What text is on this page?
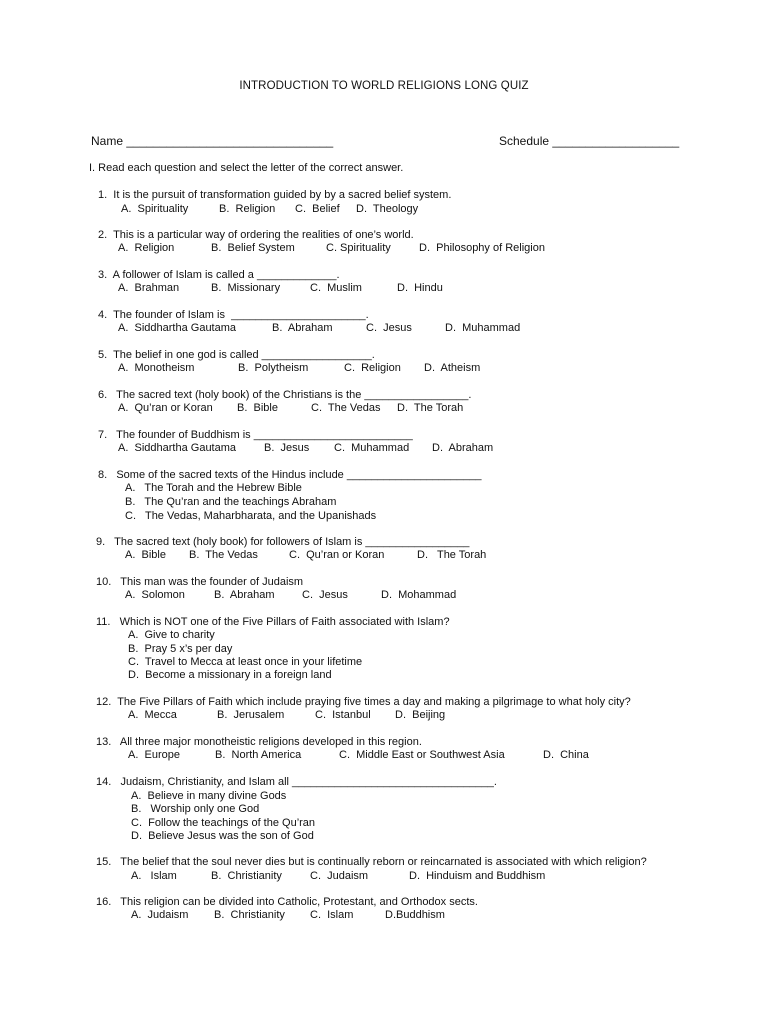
INTRODUCTION TO WORLD RELIGIONS LONG QUIZ
Name _______________________________	Schedule ___________________
I. Read each question and select the letter of the correct answer.
1.  It is the pursuit of transformation guided by by a sacred belief system.

A.  Spirituality

	B.  Religion

C.  Belief

D.  Theology

2.  This is a particular way of ordering the realities of one’s world.

A.  Religion

	B.  Belief System

	C. Spirituality

	D.  Philosophy of Religion

3.  A follower of Islam is called a _____________.

A.  Brahman

	B.  Missionary

	C.  Muslim

	D.  Hindu

4.  The founder of Islam is  ______________________.

A.  Siddhartha Gautama

	B.  Abraham

	C.  Jesus

	D.  Muhammad

5.  The belief in one god is called __________________.

A.  Monotheism

	B.  Polytheism

	C.  Religion

D.  Atheism

6.   The sacred text (holy book) of the Christians is the _________________.

A.  Qu’ran or Koran

B.  Bible

	C.  The Vedas

D.  The Torah

7.   The founder of Buddhism is __________________________

A.  Siddhartha Gautama

	B.  Jesus

C.  Muhammad

D.  Abraham

8.   Some of the sacred texts of the Hindus include ______________________
A.   The Torah and the Hebrew Bible
B.   The Qu’ran and the teachings Abraham
C.   The Vedas, Maharbharata, and the Upanishads
9.   The sacred text (holy book) for followers of Islam is _________________

A.  Bible

B.  The Vedas

	C.  Qu’ran or Koran

	D.   The Torah

10.   This man was the founder of Judaism

A.  Solomon

	B.  Abraham

C.  Jesus

	D.  Mohammad

11.   Which is NOT one of the Five Pillars of Faith associated with Islam?
A.  Give to charity
B.  Pray 5 x’s per day
C.  Travel to Mecca at least once in your lifetime
D.  Become a missionary in a foreign land
12.  The Five Pillars of Faith which include praying five times a day and making a pilgrimage to what holy city?

A.  Mecca

	B.  Jerusalem

	C.  Istanbul

D.  Beijing

13.   All three major monotheistic religions developed in this region.

A.  Europe

	B.  North America

	C.  Middle East or Southwest Asia

	D.  China

14.   Judaism, Christianity, and Islam all _________________________________.
A.  Believe in many divine Gods
B.   Worship only one God
C.  Follow the teachings of the Qu’ran
D.  Believe Jesus was the son of God
15.   The belief that the soul never dies but is continually reborn or reincarnated is associated with which religion?

A.   Islam

	B.  Christianity

	C.  Judaism

	D.  Hinduism and Buddhism

16.   This religion can be divided into Catholic, Protestant, and Orthodox sects.

A.  Judaism

B.  Christianity

C.  Islam

	D.Buddhism
